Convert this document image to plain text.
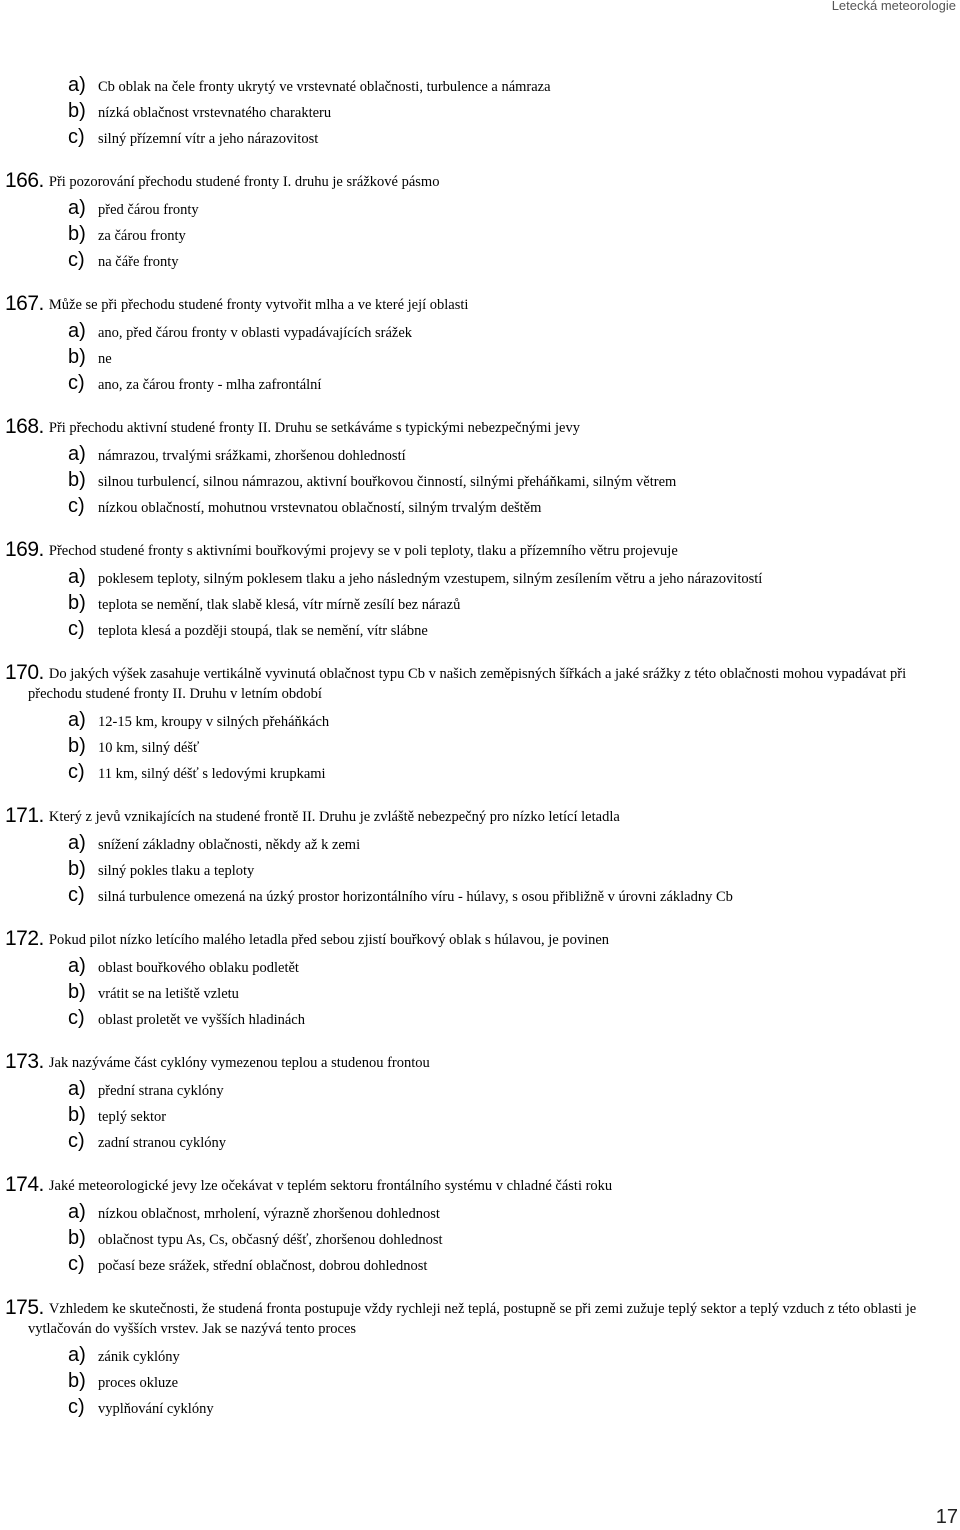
Letecká meteorologie
a) Cb oblak na čele fronty ukrytý ve vrstevnaté oblačnosti, turbulence a námraza
b) nízká oblačnost vrstevnatého charakteru
c) silný přízemní vítr a jeho nárazovitost
166. Při pozorování přechodu studené fronty I. druhu je srážkové pásmo
a) před čárou fronty
b) za čárou fronty
c) na čáře fronty
167. Může se při přechodu studené fronty vytvořit mlha a ve které její oblasti
a) ano, před čárou fronty v oblasti vypadávajících srážek
b) ne
c) ano, za čárou fronty - mlha zafrontální
168. Při přechodu aktivní studené fronty II. Druhu se setkáváme s typickými nebezpečnými jevy
a) námrazou, trvalými srážkami, zhoršenou dohledností
b) silnou turbulencí, silnou námrazou, aktivní bouřkovou činností, silnými přeháňkami, silným větrem
c) nízkou oblačností, mohutnou vrstevnatou oblačností, silným trvalým deštěm
169. Přechod studené fronty s aktivními bouřkovými projevy se v poli teploty, tlaku a přízemního větru projevuje
a) poklesem teploty, silným poklesem tlaku a jeho následným vzestupem, silným zesílením větru a jeho nárazovitostí
b) teplota se nemění, tlak slabě klesá, vítr mírně zesílí bez nárazů
c) teplota klesá a později stoupá, tlak se nemění, vítr slábne
170. Do jakých výšek zasahuje vertikálně vyvinutá oblačnost typu Cb v našich zeměpisných šířkách a jaké srážky z této oblačnosti mohou vypadávat při přechodu studené fronty II. Druhu v letním období
a) 12-15 km, kroupy v silných přeháňkách
b) 10 km, silný déšť
c) 11 km, silný déšť s ledovými krupkami
171. Který z jevů vznikajících na studené frontě II. Druhu je zvláště nebezpečný pro nízko letící letadla
a) snížení základny oblačnosti, někdy až k zemi
b) silný pokles tlaku a teploty
c) silná turbulence omezená na úzký prostor horizontálního víru - húlavy, s osou přibližně v úrovni základny Cb
172. Pokud pilot nízko letícího malého letadla před sebou zjistí bouřkový oblak s húlavou, je povinen
a) oblast bouřkového oblaku podletět
b) vrátit se na letiště vzletu
c) oblast proletět ve vyšších hladinách
173. Jak nazýváme část cyklóny vymezenou teplou a studenou frontou
a) přední strana cyklóny
b) teplý sektor
c) zadní stranou cyklóny
174. Jaké meteorologické jevy lze očekávat v teplém sektoru frontálního systému v chladné části roku
a) nízkou oblačnost, mrholení, výrazně zhoršenou dohlednost
b) oblačnost typu As, Cs, občasný déšť, zhoršenou dohlednost
c) počasí beze srážek, střední oblačnost, dobrou dohlednost
175. Vzhledem ke skutečnosti, že studená fronta postupuje vždy rychleji než teplá, postupně se při zemi zužuje teplý sektor a teplý vzduch z této oblasti je vytlačován do vyšších vrstev. Jak se nazývá tento proces
a) zánik cyklóny
b) proces okluze
c) vyplňování cyklóny
17
